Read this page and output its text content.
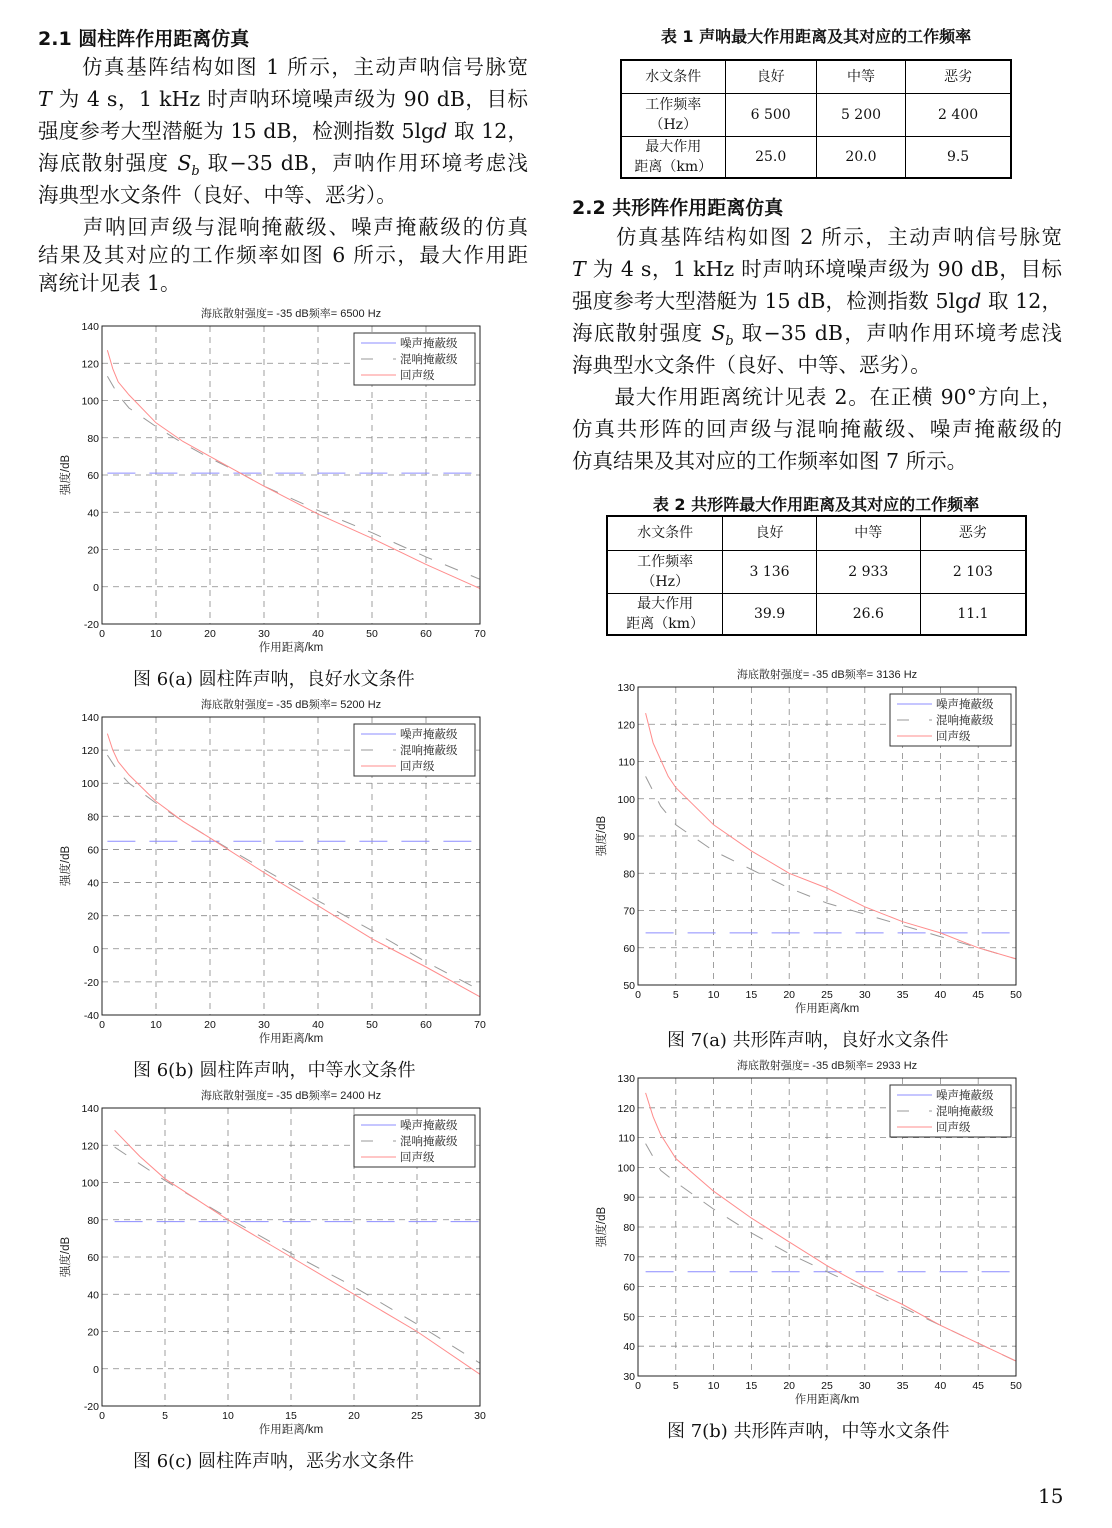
2.1 圆柱阵作用距离仿真
　　仿真基阵结构如图 1 所示，主动声呐信号脉宽
T 为 4 s，1 kHz 时声呐环境噪声级为 90 dB，目标
强度参考大型潜艇为 15 dB，检测指数 5lgd 取 12，
海底散射强度 $S_b$ 取−35 dB，声呐作用环境考虑浅
海典型水文条件（良好、中等、恶劣）。
　　声呐回声级与混响掩蔽级、噪声掩蔽级的仿真
结果及其对应的工作频率如图 6 所示，最大作用距
离统计见表 1。
表 1 声呐最大作用距离及其对应的工作频率
水文条件	良好	中等	恶劣
工作频率
（Hz）	6 500	5 200	2 400
最大作用
距离（km）	25.0	20.0	9.5
2.2 共形阵作用距离仿真
　　仿真基阵结构如图 2 所示，主动声呐信号脉宽
T 为 4 s，1 kHz 时声呐环境噪声级为 90 dB，目标
强度参考大型潜艇为 15 dB，检测指数 5lgd 取 12，
海底散射强度 $S_b$ 取−35 dB，声呐作用环境考虑浅
海典型水文条件（良好、中等、恶劣）。
　　最大作用距离统计见表 2。在正横 90°方向上，
仿真共形阵的回声级与混响掩蔽级、噪声掩蔽级的
仿真结果及其对应的工作频率如图 7 所示。
表 2 共形阵最大作用距离及其对应的工作频率
水文条件	良好	中等	恶劣
工作频率
（Hz）	3 136	2 933	2 103
最大作用
距离（km）	39.9	26.6	11.1
0	10	20	30	40	50	60	70
-20
0
20
40
60
80
100
120
140
噪声掩蔽级
混响掩蔽级
回声级
海底散射强度= -35 dB频率= 6500 Hz
作用距离/km
强度/dB
图 6(a) 圆柱阵声呐，良好水文条件
0	10	20	30	40	50	60	70
-40
-20
0
20
40
60
80
100
120
140
噪声掩蔽级
混响掩蔽级
回声级
海底散射强度= -35 dB频率= 5200 Hz
作用距离/km
强度/dB
图 6(b) 圆柱阵声呐，中等水文条件
0	5	10	15	20	25	30
-20
0
20
40
60
80
100
120
140
噪声掩蔽级
混响掩蔽级
回声级
海底散射强度= -35 dB频率= 2400 Hz
作用距离/km
强度/dB
图 6(c) 圆柱阵声呐，恶劣水文条件
0	5	10 15 20 25 30 35 40 45 50
50
60
70
80
90
100
110
120
130
噪声掩蔽级
混响掩蔽级
回声级
海底散射强度= -35 dB频率= 3136 Hz
作用距离/km
强度/dB
图 7(a) 共形阵声呐，良好水文条件
0	5	10 15 20 25 30 35 40 45 50
30
40
50
60
70
80
90
100
110
120
130
噪声掩蔽级
混响掩蔽级
回声级
海底散射强度= -35 dB频率= 2933 Hz
作用距离/km
强度/dB
图 7(b) 共形阵声呐，中等水文条件
15
